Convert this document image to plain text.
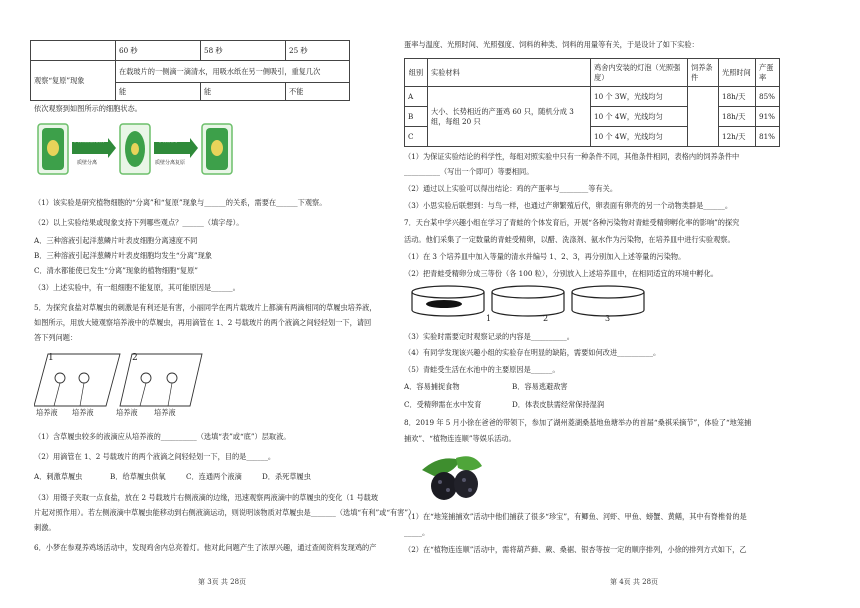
	60 秒	58 秒	25 秒
观察“复原”现象	在载玻片的一侧滴一滴清水，用吸水纸在另一侧吸引，重复几次		
	能	能	不能
依次观察到如图所示的细胞状态。
滴加蔗糖溶液
质壁分离
滴加清水
质壁分离复原
（1）该实验是研究植物细胞的“分离”和“复原”现象与______的关系，需要在______下观察。
（2）以上实验结果或现象支持下列哪些观点？______（填字母）。
A．三种溶液引起洋葱鳞片叶表皮细胞分离速度不同
B．三种溶液引起洋葱鳞片叶表皮细胞均发生“分离”现象
C．清水都能使已发生“分离”现象的植物细胞“复原”
（3）上述实验中，有一组细胞不能复原，其可能原因是______。
5．为探究食盐对草履虫的刺激是有利还是有害，小丽同学在两片载玻片上都滴有两滴相同的草履虫培养液，
如图所示，用放大镜观察培养液中的草履虫，再用滴管在 1、2 号载玻片的两个液滴之间轻轻划一下，请回
答下列问题：
1	2
培养液 培养液	培养液 培养液
（1）含草履虫较多的液滴应从培养液的__________（选填“表”或“底”）层取液。
（2）用滴管在 1、2 号载玻片的两个液滴之间轻轻划一下，目的是______。
A．刺激草履虫	B．给草履虫供氧	C．连通两个液滴	D．杀死草履虫
（3）用镊子夹取一点食盐，放在 2 号载玻片右侧液滴的边缘，迅速观察两液滴中的草履虫的变化（1 号载玻
片起对照作用）。若左侧液滴中草履虫能移动到右侧液滴运动，则说明该物质对草履虫是_______（选填“有利”或“有害”）
刺激。
6．小梦在参观养鸡场活动中，发现鸡舍内总亮着灯。他对此问题产生了浓厚兴趣，通过查阅资料发现鸡的产
第 3页 共 28页
蛋率与温度、光照时间、光照强度、饲料的种类、饲料的用量等有关，于是设计了如下实验：
组别	实验材料	鸡舍内安装的灯泡（光照强度）	饲养条件	光照时间	产蛋率
A	大小、长势相近的产蛋鸡 60 只，随机分成 3 组，每组 20 只	10 个 3W，光线均匀		18h/天	85%
B		10 个 4W，光线均匀		18h/天	91%
C		10 个 4W，光线均匀		12h/天	81%
（1）为保证实验结论的科学性，每组对照实验中只有一种条件不同，其他条件相同，表格内的饲养条件中
__________（写出一个即可）等要相同。
（2）通过以上实验可以得出结论：鸡的产蛋率与________等有关。
（3）小思实验后联想到：与鸟一样，也通过产卵繁殖后代，卵表面有卵壳的另一个动物类群是______。
7．天台某中学兴趣小组在学习了青蛙的个体发育后，开展“各种污染物对青蛙受精卵孵化率的影响”的探究
活动。他们采集了一定数量的青蛙受精卵，以醋、洗涤剂、氨水作为污染物，在培养皿中进行实验观察。
（1）在 3 个培养皿中加入等量的清水并编号 1、2、3，再分别加入上述等量的污染物。
（2）把青蛙受精卵分成三等份（各 100 粒），分别放入上述培养皿中，在相同适宜的环境中孵化。
1	2	3
（3）实验时需要定时观察记录的内容是__________。
（4）有同学发现该兴趣小组的实验存在明显的缺陷，需要如何改进__________。
（5）青蛙受生活在水池中的主要原因是______。
A．容易捕捉食物	B．容易逃避敌害
C．受精卵需在水中发育	D．体表皮肤需经常保持湿润
8．2019 年 5 月小徐在爸爸的带领下，参加了湖州菱湖桑基地鱼塘举办的首届“桑祺采摘节”，体验了“地笼捕
捕欢”、“植物连连顺”等娱乐活动。
（1）在“地笼捕捕欢”活动中他们捕获了很多“珍宝”，有鲫鱼、河虾、甲鱼、螃蟹、黄鳝，其中有脊椎骨的是
_____。
（2）在“植物连连顺”活动中，需将葫芦藓、蕨、桑裾、银杏等按一定的顺序排列，小徐的排列方式如下，乙
第 4页 共 28页
